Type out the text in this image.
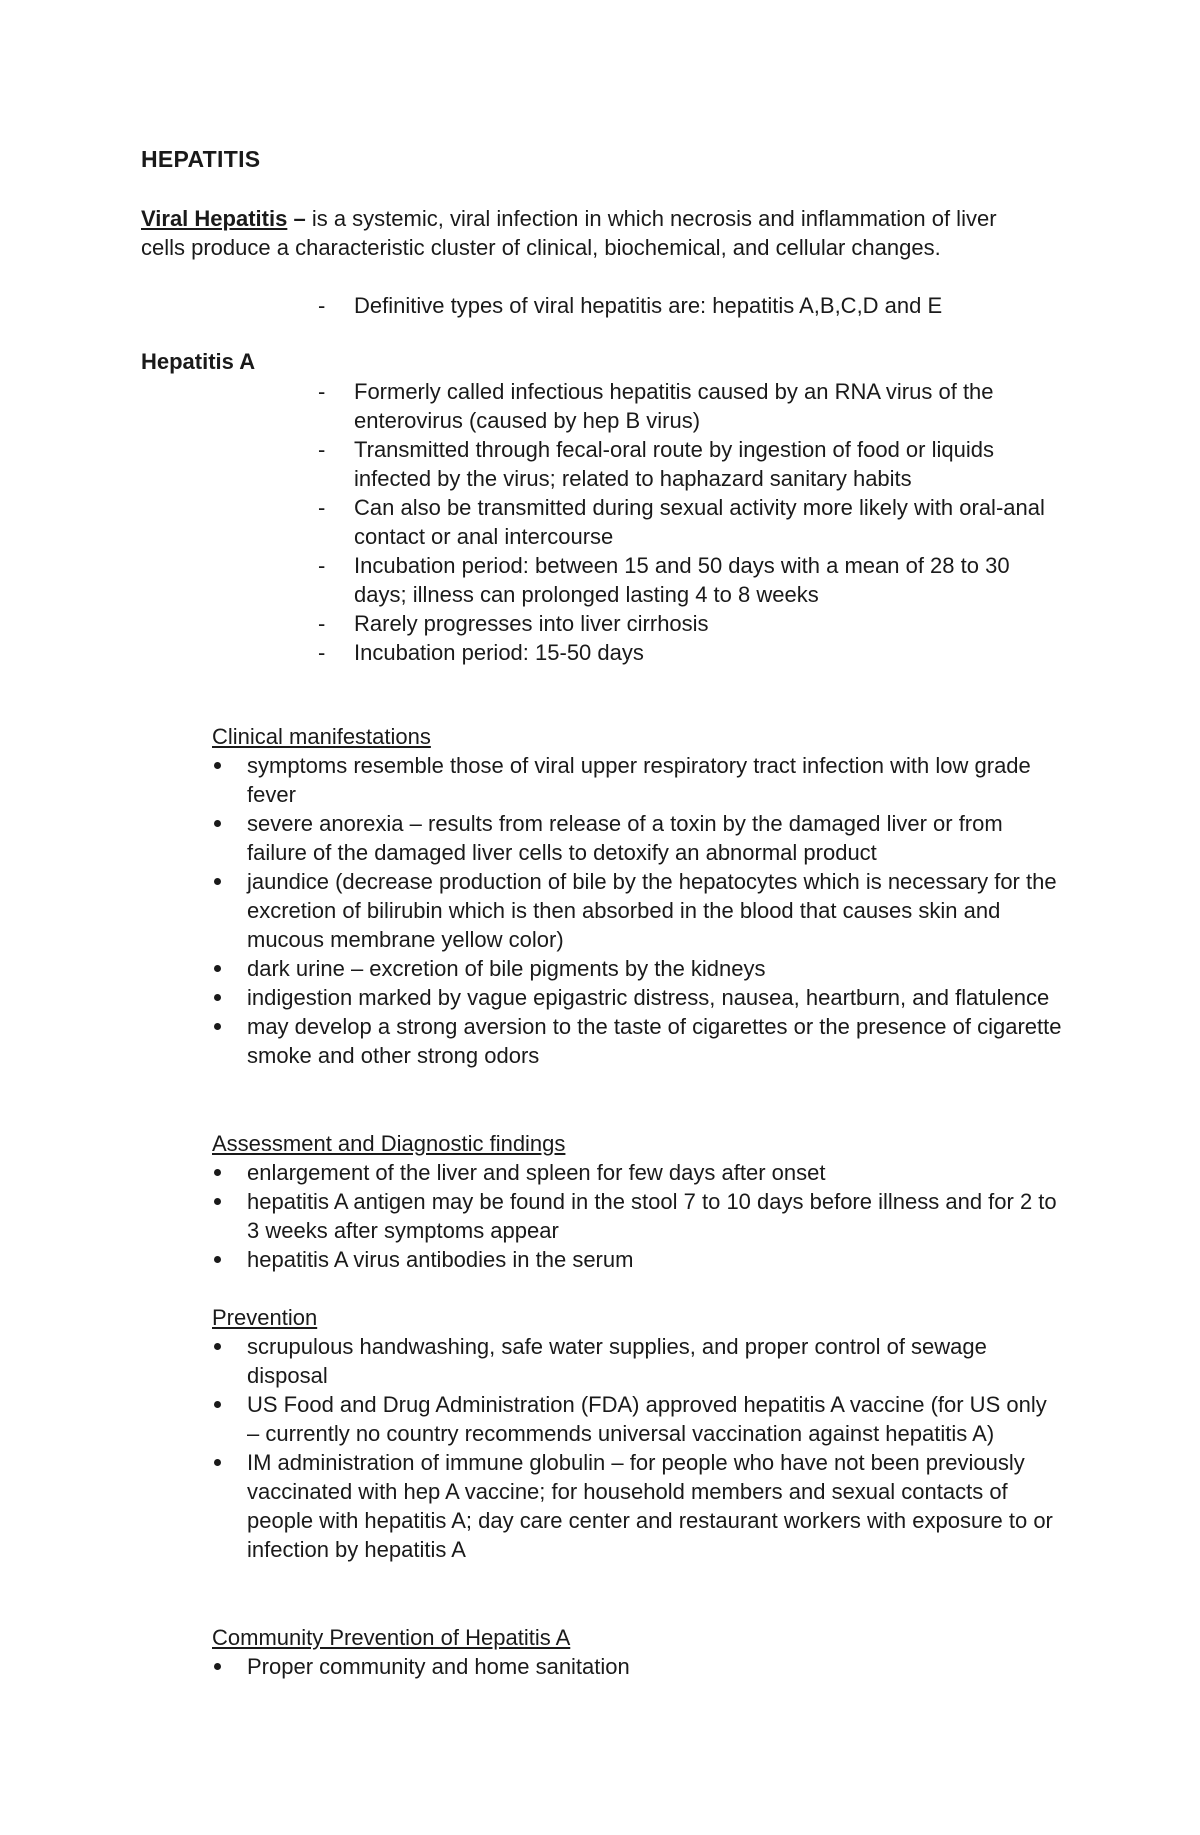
HEPATITIS

Viral Hepatitis – is a systemic, viral infection in which necrosis and inflammation of liver cells produce a characteristic cluster of clinical, biochemical, and cellular changes.

- Definitive types of viral hepatitis are: hepatitis A,B,C,D and E
Hepatitis A
- Formerly called infectious hepatitis caused by an RNA virus of the enterovirus (caused by hep B virus)
- Transmitted through fecal-oral route by ingestion of food or liquids infected by the virus; related to haphazard sanitary habits
- Can also be transmitted during sexual activity more likely with oral-anal contact or anal intercourse
- Incubation period: between 15 and 50 days with a mean of 28 to 30 days; illness can prolonged lasting 4 to 8 weeks
- Rarely progresses into liver cirrhosis
- Incubation period: 15-50 days
Clinical manifestations
symptoms resemble those of viral upper respiratory tract infection with low grade fever
severe anorexia – results from release of a toxin by the damaged liver or from failure of the damaged liver cells to detoxify an abnormal product
jaundice (decrease production of bile by the hepatocytes which is necessary for the excretion of bilirubin which is then absorbed in the blood that causes skin and mucous membrane yellow color)
dark urine – excretion of bile pigments by the kidneys
indigestion marked by vague epigastric distress, nausea, heartburn, and flatulence
may develop a strong aversion to the taste of cigarettes or the presence of cigarette smoke and other strong odors
Assessment and Diagnostic findings
enlargement of the liver and spleen for few days after onset
hepatitis A antigen may be found in the stool 7 to 10 days before illness and for 2 to 3 weeks after symptoms appear
hepatitis A virus antibodies in the serum
Prevention
scrupulous handwashing, safe water supplies, and proper control of sewage disposal
US Food and Drug Administration (FDA) approved hepatitis A vaccine (for US only – currently no country recommends universal vaccination against hepatitis A)
IM administration of immune globulin – for people who have not been previously vaccinated with hep A vaccine; for household members and sexual contacts of people with hepatitis A; day care center and restaurant workers with exposure to or infection by hepatitis A
Community Prevention of Hepatitis A
Proper community and home sanitation
